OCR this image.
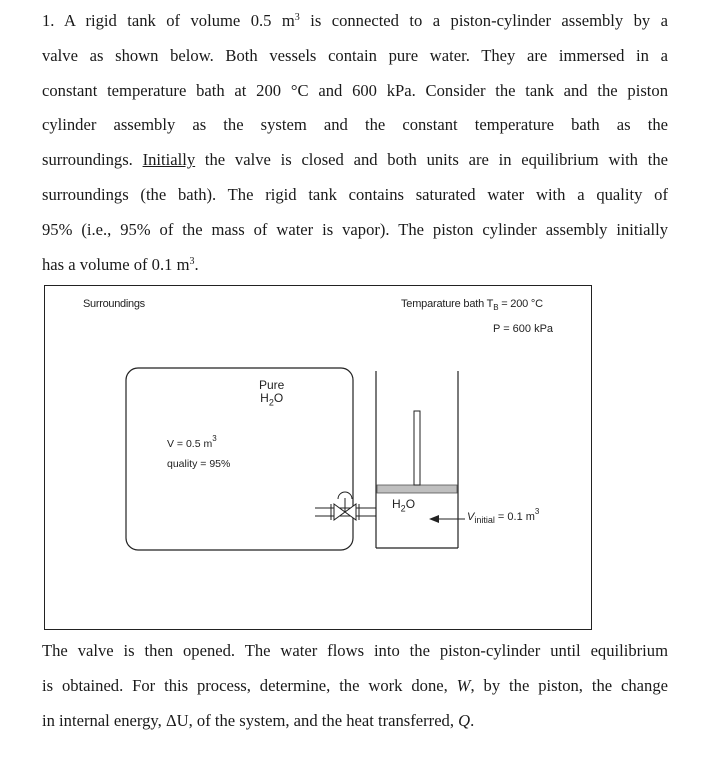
1. A rigid tank of volume 0.5 $m^3$ is connected to a piston-cylinder assembly by a
valve as shown below. Both vessels contain pure water. They are immersed in a
constant temperature bath at 200 °C and 600 kPa. Consider the tank and the piston
cylinder assembly as the system and the constant temperature bath as the
surroundings. Initially the valve is closed and both units are in equilibrium with the
surroundings (the bath). The rigid tank contains saturated water with a quality of
95% (i.e., 95% of the mass of water is vapor). The piston cylinder assembly initially
has a volume of 0.1 $m^3$.
Surroundings	Temparature bath $T_B = 200$ °C
P = 600 kPa
Pure
$H_2O$
V = 0.5 $m^3$
quality = 95%
$H_2O$
$V_{initial} = 0.1$ $m^3$
The valve is then opened. The water flows into the piston-cylinder until equilibrium
is obtained. For this process, determine, the work done, W, by the piston, the change
in internal energy, ΔU, of the system, and the heat transferred, Q.
